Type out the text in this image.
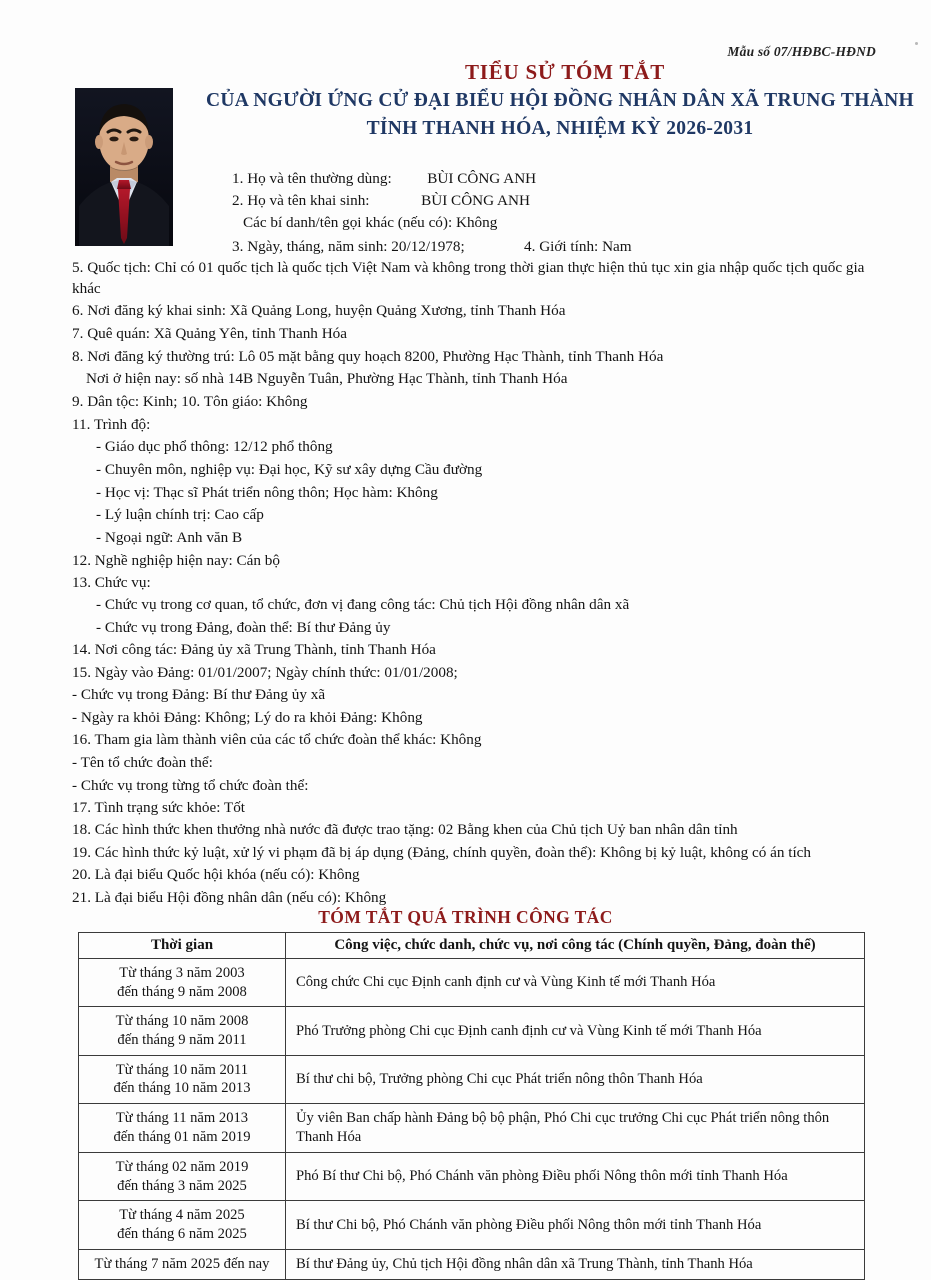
Mẫu số 07/HĐBC-HĐND
TIỂU SỬ TÓM TẮT
CỦA NGƯỜI ỨNG CỬ ĐẠI BIỂU HỘI ĐỒNG NHÂN DÂN XÃ TRUNG THÀNH
TỈNH THANH HÓA, NHIỆM KỲ 2026-2031
1. Họ và tên thường dùng: BÙI CÔNG ANH
2. Họ và tên khai sinh:	BÙI CÔNG ANH
Các bí danh/tên gọi khác (nếu có): Không
3. Ngày, tháng, năm sinh: 20/12/1978;	4. Giới tính: Nam
5. Quốc tịch: Chỉ có 01 quốc tịch là quốc tịch Việt Nam và không trong thời gian thực hiện thủ tục xin gia nhập quốc tịch quốc gia khác
6. Nơi đăng ký khai sinh: Xã Quảng Long, huyện Quảng Xương, tỉnh Thanh Hóa
7. Quê quán: Xã Quảng Yên, tỉnh Thanh Hóa
8. Nơi đăng ký thường trú: Lô 05 mặt bằng quy hoạch 8200, Phường Hạc Thành, tỉnh Thanh Hóa
Nơi ở hiện nay: số nhà 14B Nguyễn Tuân, Phường Hạc Thành, tỉnh Thanh Hóa
9. Dân tộc: Kinh; 10. Tôn giáo: Không
11. Trình độ:
- Giáo dục phổ thông: 12/12 phổ thông
- Chuyên môn, nghiệp vụ: Đại học, Kỹ sư xây dựng Cầu đường
- Học vị: Thạc sĩ Phát triển nông thôn; Học hàm: Không
- Lý luận chính trị: Cao cấp
- Ngoại ngữ: Anh văn B
12. Nghề nghiệp hiện nay: Cán bộ
13. Chức vụ:
- Chức vụ trong cơ quan, tổ chức, đơn vị đang công tác: Chủ tịch Hội đồng nhân dân xã
- Chức vụ trong Đảng, đoàn thể: Bí thư Đảng ủy
14. Nơi công tác: Đảng ủy xã Trung Thành, tỉnh Thanh Hóa
15. Ngày vào Đảng: 01/01/2007; Ngày chính thức: 01/01/2008;
- Chức vụ trong Đảng: Bí thư Đảng ủy xã
- Ngày ra khỏi Đảng: Không; Lý do ra khỏi Đảng: Không
16. Tham gia làm thành viên của các tổ chức đoàn thể khác: Không
- Tên tổ chức đoàn thể:
- Chức vụ trong từng tổ chức đoàn thể:
17. Tình trạng sức khỏe: Tốt
18. Các hình thức khen thưởng nhà nước đã được trao tặng: 02 Bằng khen của Chủ tịch Uỷ ban nhân dân tỉnh
19. Các hình thức kỷ luật, xử lý vi phạm đã bị áp dụng (Đảng, chính quyền, đoàn thể): Không bị kỷ luật, không có án tích
20. Là đại biểu Quốc hội khóa (nếu có): Không
21. Là đại biểu Hội đồng nhân dân (nếu có): Không
TÓM TẮT QUÁ TRÌNH CÔNG TÁC
Thời gian	Công việc, chức danh, chức vụ, nơi công tác (Chính quyền, Đảng, đoàn thể)
Từ tháng 3 năm 2003
đến tháng 9 năm 2008	Công chức Chi cục Định canh định cư và Vùng Kinh tế mới Thanh Hóa
Từ tháng 10 năm 2008
đến tháng 9 năm 2011	Phó Trưởng phòng Chi cục Định canh định cư và Vùng Kinh tế mới Thanh Hóa
Từ tháng 10 năm 2011
đến tháng 10 năm 2013	Bí thư chi bộ, Trưởng phòng Chi cục Phát triển nông thôn Thanh Hóa
Từ tháng 11 năm 2013
đến tháng 01 năm 2019	Ủy viên Ban chấp hành Đảng bộ bộ phận, Phó Chi cục trưởng Chi cục Phát triển nông thôn Thanh Hóa
Từ tháng 02 năm 2019
đến tháng 3 năm 2025	Phó Bí thư Chi bộ, Phó Chánh văn phòng Điều phối Nông thôn mới tỉnh Thanh Hóa
Từ tháng 4 năm 2025
đến tháng 6 năm 2025	Bí thư Chi bộ, Phó Chánh văn phòng Điều phối Nông thôn mới tỉnh Thanh Hóa
Từ tháng 7 năm 2025 đến nay	Bí thư Đảng ủy, Chủ tịch Hội đồng nhân dân xã Trung Thành, tỉnh Thanh Hóa
